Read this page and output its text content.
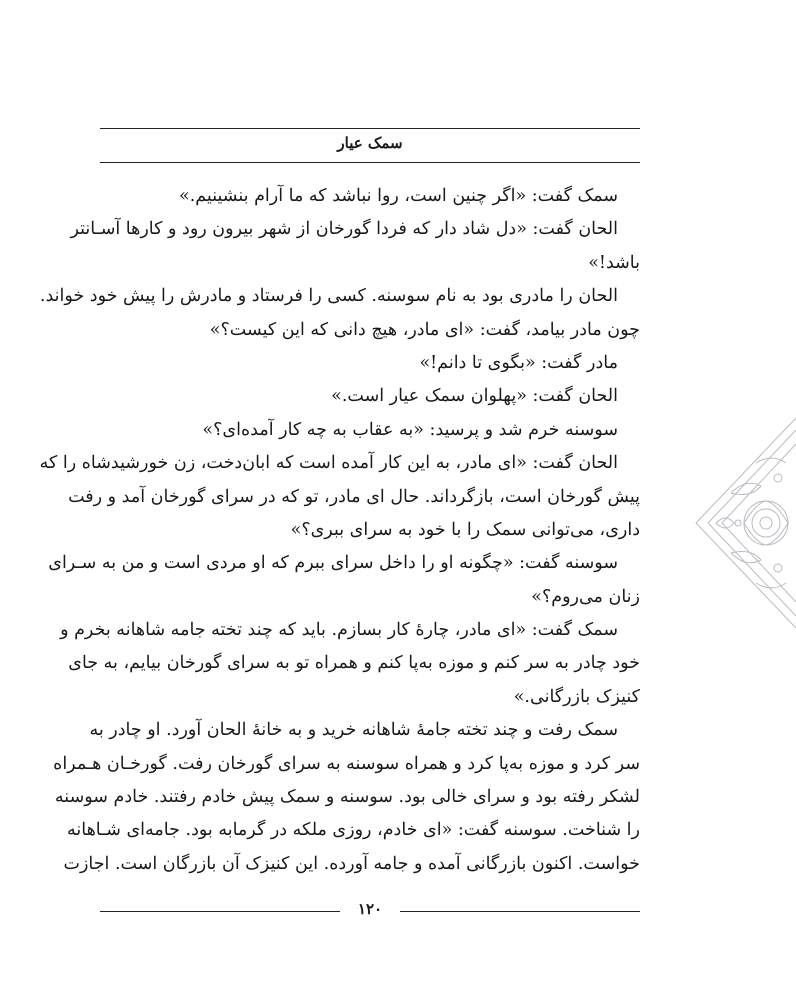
سمک عیار
سمک گفت: «اگر چنین است، روا نباشد که ما آرام بنشینیم.»
الحان گفت: «دل شاد دار که فردا گورخان از شهر بیرون رود و کارها آسـانتر
باشد!»
الحان را مادری بود به نام سوسنه. کسی را فرستاد و مادرش را پیش خود خواند.
چون مادر بیامد، گفت: «ای مادر، هیچ دانی که این کیست؟»
مادر گفت: «بگوی تا دانم!»
الحان گفت: «پهلوان سمک عیار است.»
سوسنه خرم شد و پرسید: «به عقاب به چه کار آمده‌ای؟»
الحان گفت: «ای مادر، به این کار آمده است که ابان‌دخت، زن خورشیدشاه را که
پیش گورخان است، بازگرداند. حال ای مادر، تو که در سرای گورخان آمد و رفت
داری، می‌توانی سمک را با خود به سرای ببری؟»
سوسنه گفت: «چگونه او را داخل سرای ببرم که او مردی است و من به سـرای
زنان می‌روم؟»
سمک گفت: «ای مادر، چارهٔ کار بسازم. باید که چند تخته جامه شاهانه بخرم و
خود چادر به سر کنم و موزه به‌پا کنم و همراه تو به سرای گورخان بیایم، به جای
کنیزک بازرگانی.»
سمک رفت و چند تخته جامهٔ شاهانه خرید و به خانهٔ الحان آورد. او چادر به
سر کرد و موزه به‌پا کرد و همراه سوسنه به سرای گورخان رفت. گورخـان هـمراه
لشکر رفته بود و سرای خالی بود. سوسنه و سمک پیش خادم رفتند. خادم سوسنه
را شناخت. سوسنه گفت: «ای خادم، روزی ملکه در گرمابه بود. جامه‌ای شـاهانه
خواست. اکنون بازرگانی آمده و جامه آورده. این کنیزک آن بازرگان است. اجازت
۱۲۰
